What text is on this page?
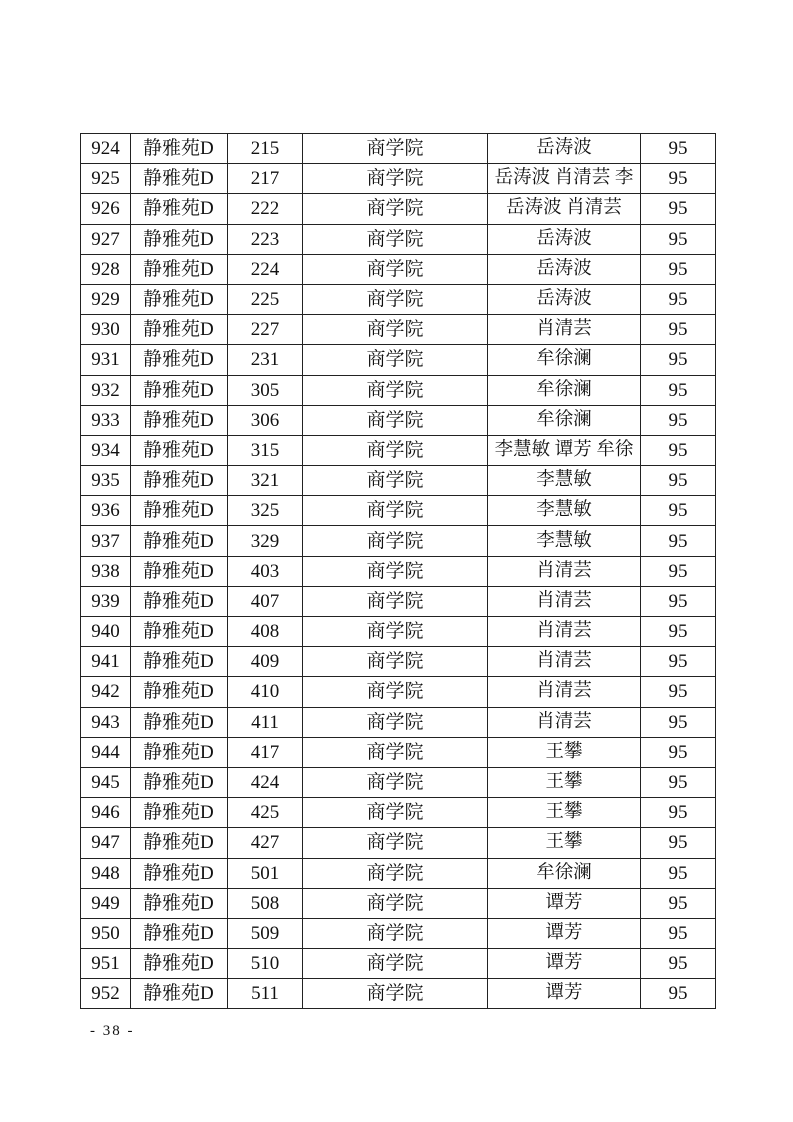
924	静雅苑D	215	商学院	岳涛波	95
925	静雅苑D	217	商学院	岳涛波 肖清芸 李	95
926	静雅苑D	222	商学院	岳涛波 肖清芸	95
927	静雅苑D	223	商学院	岳涛波	95
928	静雅苑D	224	商学院	岳涛波	95
929	静雅苑D	225	商学院	岳涛波	95
930	静雅苑D	227	商学院	肖清芸	95
931	静雅苑D	231	商学院	牟徐澜	95
932	静雅苑D	305	商学院	牟徐澜	95
933	静雅苑D	306	商学院	牟徐澜	95
934	静雅苑D	315	商学院	李慧敏 谭芳 牟徐	95
935	静雅苑D	321	商学院	李慧敏	95
936	静雅苑D	325	商学院	李慧敏	95
937	静雅苑D	329	商学院	李慧敏	95
938	静雅苑D	403	商学院	肖清芸	95
939	静雅苑D	407	商学院	肖清芸	95
940	静雅苑D	408	商学院	肖清芸	95
941	静雅苑D	409	商学院	肖清芸	95
942	静雅苑D	410	商学院	肖清芸	95
943	静雅苑D	411	商学院	肖清芸	95
944	静雅苑D	417	商学院	王攀	95
945	静雅苑D	424	商学院	王攀	95
946	静雅苑D	425	商学院	王攀	95
947	静雅苑D	427	商学院	王攀	95
948	静雅苑D	501	商学院	牟徐澜	95
949	静雅苑D	508	商学院	谭芳	95
950	静雅苑D	509	商学院	谭芳	95
951	静雅苑D	510	商学院	谭芳	95
952	静雅苑D	511	商学院	谭芳	95
- 38 -
